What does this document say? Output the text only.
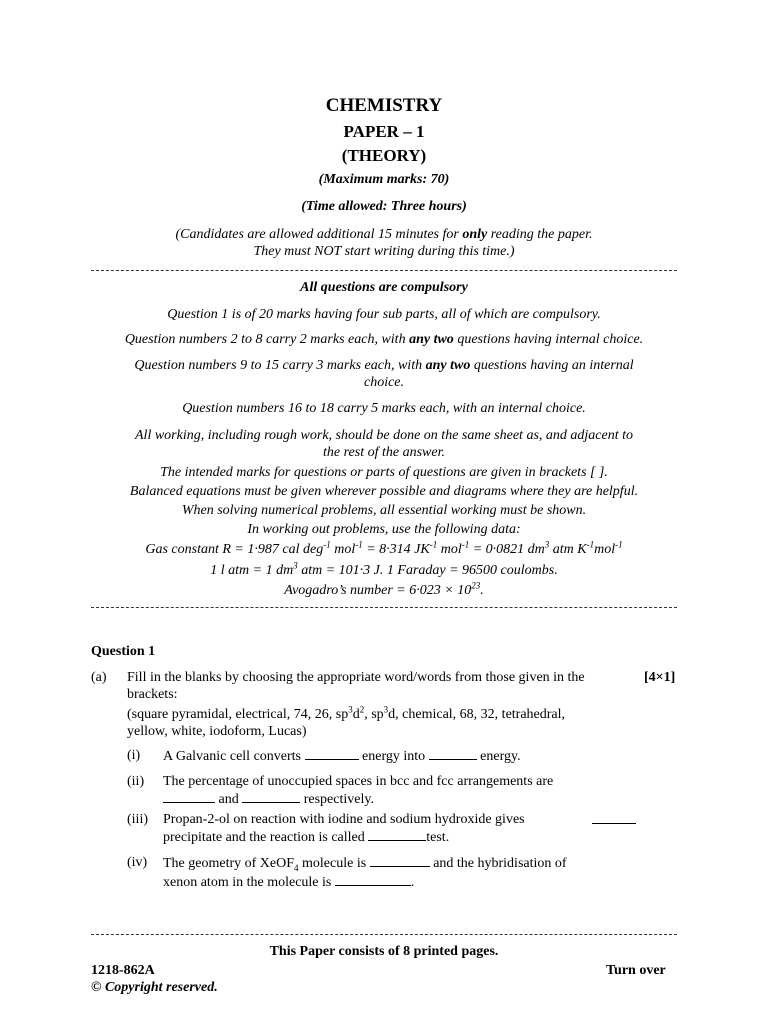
CHEMISTRY
PAPER – 1
(THEORY)
(Maximum marks: 70)
(Time allowed: Three hours)
(Candidates are allowed additional 15 minutes for only reading the paper.
They must NOT start writing during this time.)
All questions are compulsory
Question 1 is of 20 marks having four sub parts, all of which are compulsory.
Question numbers 2 to 8 carry 2 marks each, with any two questions having internal choice.
Question numbers 9 to 15 carry 3 marks each, with any two questions having an internal
choice.
Question numbers 16 to 18 carry 5 marks each, with an internal choice.
All working, including rough work, should be done on the same sheet as, and adjacent to
the rest of the answer.
The intended marks for questions or parts of questions are given in brackets [ ].
Balanced equations must be given wherever possible and diagrams where they are helpful.
When solving numerical problems, all essential working must be shown.
In working out problems, use the following data:
Gas constant R = 1·987 cal deg$^{-1}$ mol$^{-1}$ = 8·314 $JK^{-1}$ mol$^{-1}$ = 0·0821 $dm^3$ atm $K^{-1}mol^{-1}$
1 l atm = 1 $dm^3$ atm = 101·3 J. 1 Faraday = 96500 coulombs.
Avogadro’s number = $6\cdot 023 \times 10^{23}$.
Question 1
(a) Fill in the blanks by choosing the appropriate word/words from those given in the	[4×1]
brackets:
(square pyramidal, electrical, 74, 26, $sp^3d^2$, $sp^3d$, chemical, 68, 32, tetrahedral,
yellow, white, iodoform, Lucas)
(i) A Galvanic cell converts	energy into	energy.
(ii) The percentage of unoccupied spaces in bcc and fcc arrangements are
and	respectively.
(iii) Propan-2-ol on reaction with iodine and sodium hydroxide gives
precipitate and the reaction is called	test.
(iv) The geometry of XeOF$_4$ molecule is	and the hybridisation of
xenon atom in the molecule is	.
This Paper consists of 8 printed pages.
1218-862A	Turn over
© Copyright reserved.
